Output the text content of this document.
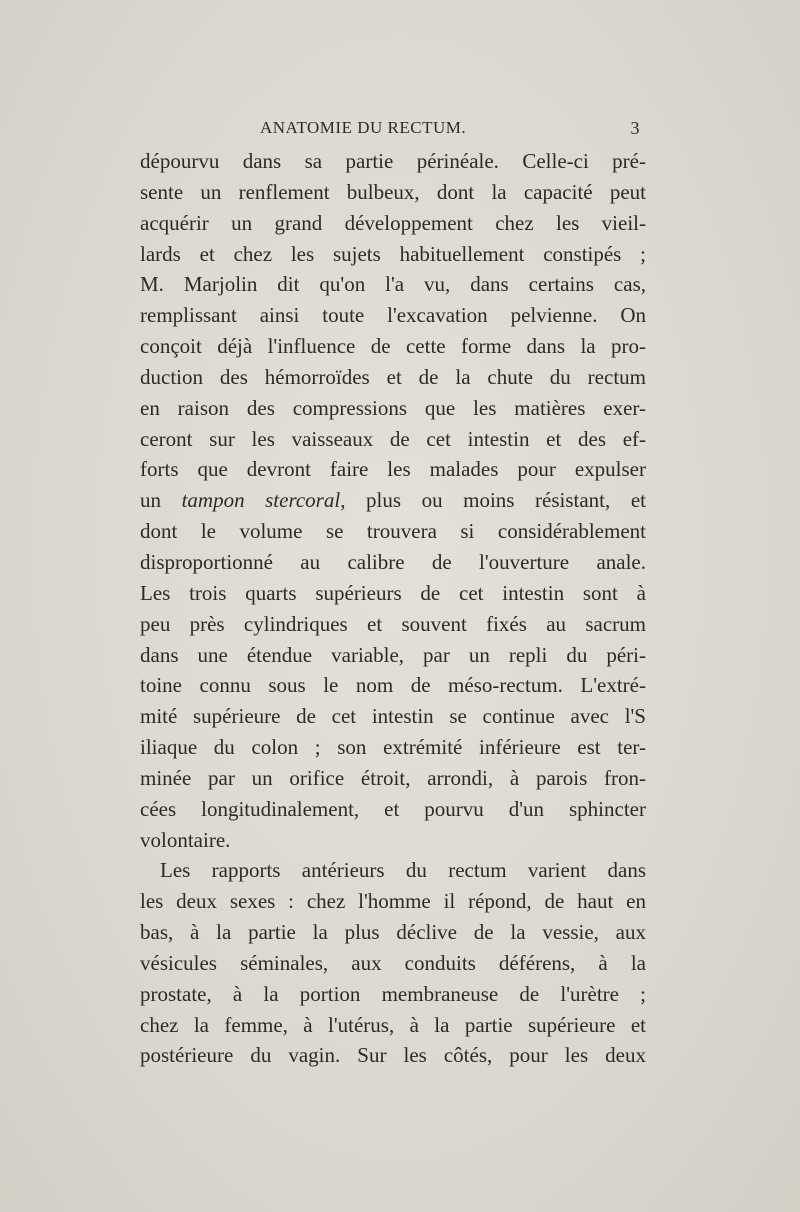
ANATOMIE DU RECTUM.	3
dépourvu dans sa partie périnéale. Celle-ci pré-
sente un renflement bulbeux, dont la capacité peut
acquérir un grand développement chez les vieil-
lards et chez les sujets habituellement constipés ;
M. Marjolin dit qu'on l'a vu, dans certains cas,
remplissant ainsi toute l'excavation pelvienne. On
conçoit déjà l'influence de cette forme dans la pro-
duction des hémorroïdes et de la chute du rectum
en raison des compressions que les matières exer-
ceront sur les vaisseaux de cet intestin et des ef-
forts que devront faire les malades pour expulser
un tampon stercoral, plus ou moins résistant, et
dont le volume se trouvera si considérablement
disproportionné au calibre de l'ouverture anale.
Les trois quarts supérieurs de cet intestin sont à
peu près cylindriques et souvent fixés au sacrum
dans une étendue variable, par un repli du péri-
toine connu sous le nom de méso-rectum. L'extré-
mité supérieure de cet intestin se continue avec l'S
iliaque du colon ; son extrémité inférieure est ter-
minée par un orifice étroit, arrondi, à parois fron-
cées longitudinalement, et pourvu d'un sphincter
volontaire.
Les rapports antérieurs du rectum varient dans
les deux sexes : chez l'homme il répond, de haut en
bas, à la partie la plus déclive de la vessie, aux
vésicules séminales, aux conduits déférens, à la
prostate, à la portion membraneuse de l'urètre ;
chez la femme, à l'utérus, à la partie supérieure et
postérieure du vagin. Sur les côtés, pour les deux
